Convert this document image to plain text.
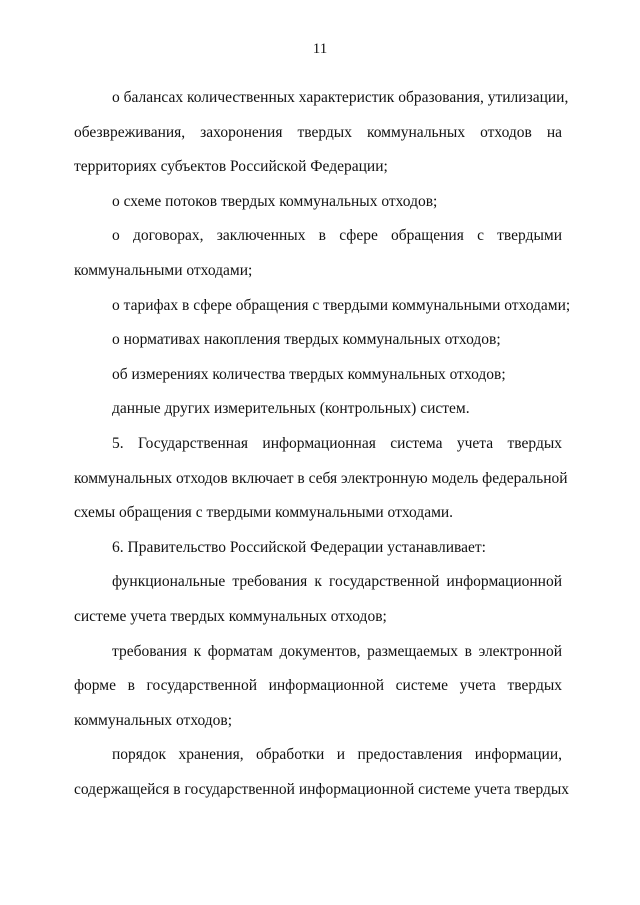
11
о балансах количественных характеристик образования, утилизации,
обезвреживания, захоронения твердых коммунальных отходов на
территориях субъектов Российской Федерации;
о схеме потоков твердых коммунальных отходов;
о договорах, заключенных в сфере обращения с твердыми
коммунальными отходами;
о тарифах в сфере обращения с твердыми коммунальными отходами;
о нормативах накопления твердых коммунальных отходов;
об измерениях количества твердых коммунальных отходов;
данные других измерительных (контрольных) систем.
5. Государственная информационная система учета твердых
коммунальных отходов включает в себя электронную модель федеральной
схемы обращения с твердыми коммунальными отходами.
6. Правительство Российской Федерации устанавливает:
функциональные требования к государственной информационной
системе учета твердых коммунальных отходов;
требования к форматам документов, размещаемых в электронной
форме в государственной информационной системе учета твердых
коммунальных отходов;
порядок хранения, обработки и предоставления информации,
содержащейся в государственной информационной системе учета твердых
